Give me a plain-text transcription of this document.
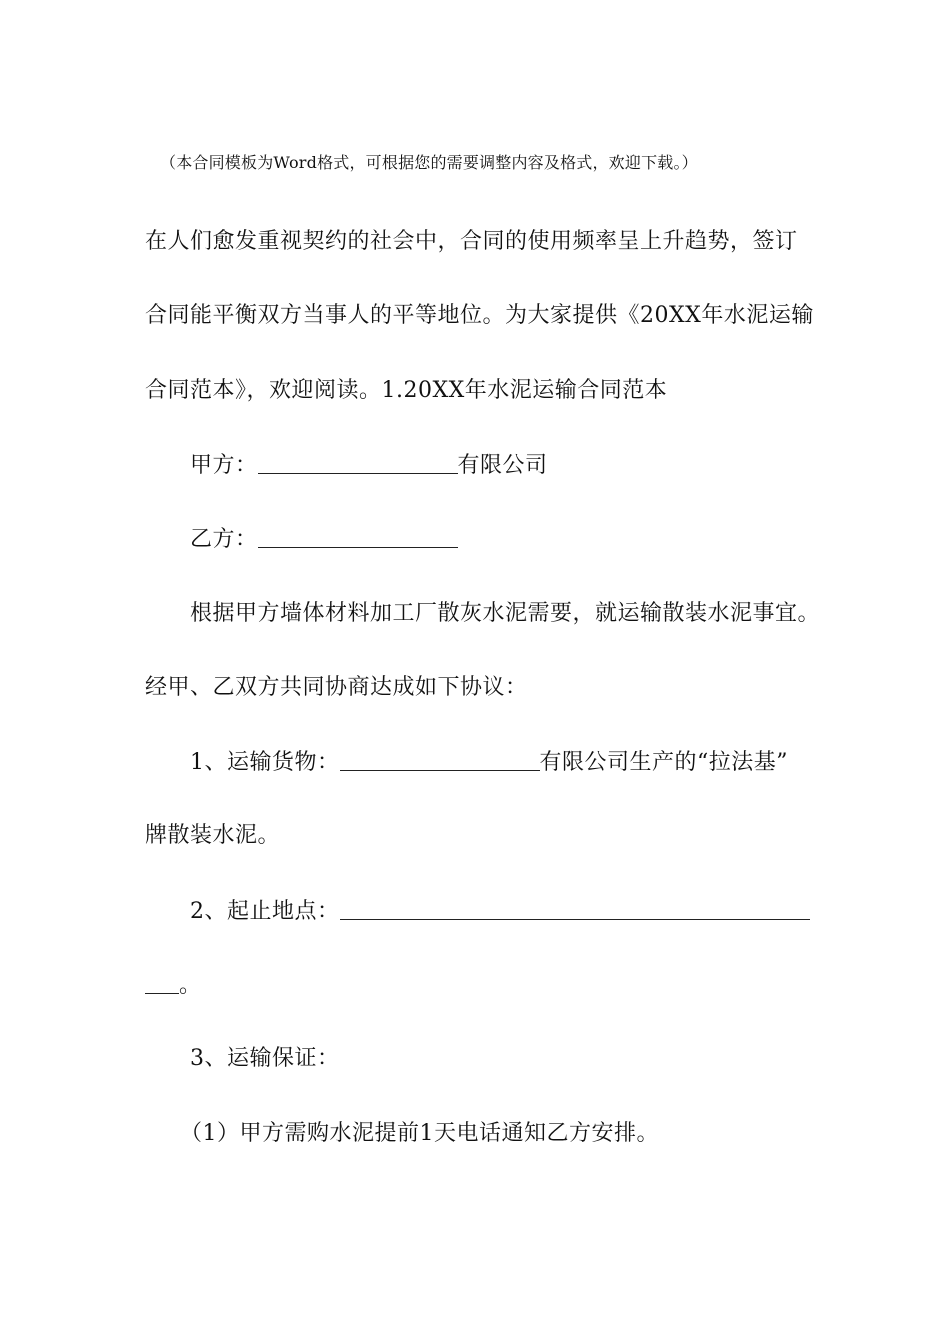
（本合同模板为Word格式，可根据您的需要调整内容及格式，欢迎下载。）
在人们愈发重视契约的社会中，合同的使用频率呈上升趋势，签订
合同能平衡双方当事人的平等地位。为大家提供《20XX年水泥运输
合同范本》，欢迎阅读。1.20XX年水泥运输合同范本
甲方：	有限公司
乙方：
根据甲方墙体材料加工厂散灰水泥需要，就运输散装水泥事宜。
经甲、乙双方共同协商达成如下协议：
1、运输货物：	有限公司生产的“拉法基”
牌散装水泥。
2、起止地点：
。
3、运输保证：
（1）甲方需购水泥提前1天电话通知乙方安排。
